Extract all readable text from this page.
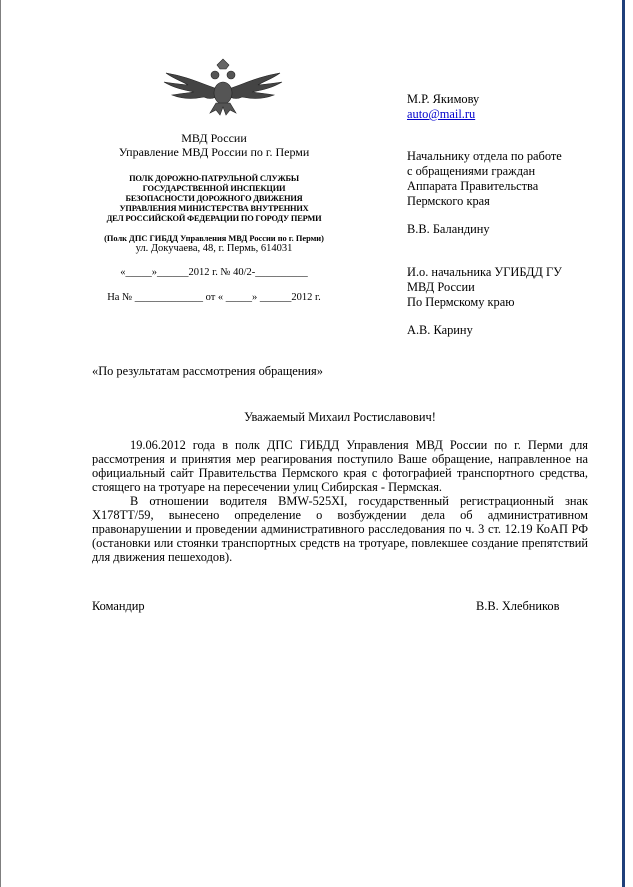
МВД России
Управление МВД России по г. Перми
ПОЛК ДОРОЖНО-ПАТРУЛЬНОЙ СЛУЖБЫ
ГОСУДАРСТВЕННОЙ ИНСПЕКЦИИ
БЕЗОПАСНОСТИ ДОРОЖНОГО ДВИЖЕНИЯ
УПРАВЛЕНИЯ МИНИСТЕРСТВА ВНУТРЕННИХ
ДЕЛ РОССИЙСКОЙ ФЕДЕРАЦИИ ПО ГОРОДУ ПЕРМИ
(Полк ДПС ГИБДД Управления МВД России по г. Перми)
ул. Докучаева, 48, г. Пермь, 614031
«_____»______2012 г. № 40/2-__________
На № _____________ от « _____» ______2012 г.
М.Р. Якимову
auto@mail.ru
Начальнику отдела по работе
с обращениями граждан
Аппарата Правительства
Пермского края
В.В. Баландину
И.о. начальника УГИБДД ГУ
МВД России
По Пермскому краю
А.В. Карину
«По результатам рассмотрения обращения»
Уважаемый Михаил Ростиславович!
19.06.2012 года в полк ДПС ГИБДД Управления МВД России по г. Перми для рассмотрения и принятия мер реагирования поступило Ваше обращение, направленное на официальный сайт Правительства Пермского края с фотографией транспортного средства, стоящего на тротуаре на пересечении улиц Сибирская - Пермская.
В отношении водителя BMW-525XI, государственный регистрационный знак Х178ТТ/59, вынесено определение о возбуждении дела об административном правонарушении и проведении административного расследования по ч. 3 ст. 12.19 КоАП РФ (остановки или стоянки транспортных средств на тротуаре, повлекшее создание препятствий для движения пешеходов).
Командир	В.В. Хлебников
